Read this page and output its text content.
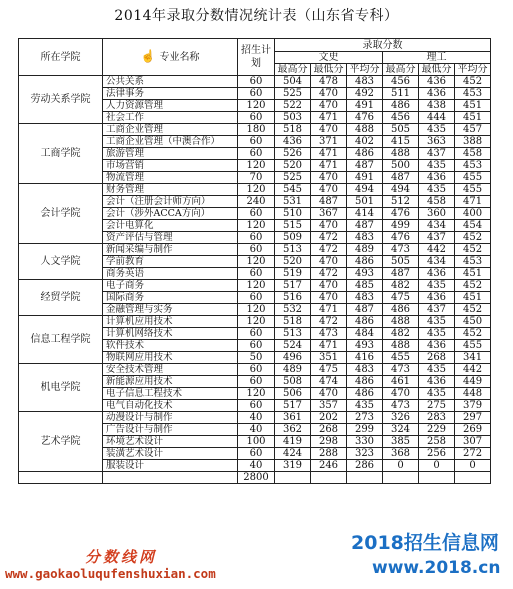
2014年录取分数情况统计表（山东省专科）
所在学院	☝ 专业名称	招生计划	录取分数					
			文史			理工		
			最高分	最低分	平均分	最高分	最低分	平均分
劳动关系学院	公共关系	60	504	478	483	456	436	452
	法律事务	60	525	470	492	511	436	453
	人力资源管理	120	522	470	491	486	438	451
	社会工作	60	503	471	476	456	444	451
工商学院	工商企业管理	180	518	470	488	505	435	457
	工商企业管理（中澳合作）	60	436	371	402	415	363	388
	旅游管理	60	526	471	486	488	437	458
	市场营销	120	520	471	487	500	435	453
	物流管理	70	525	470	491	487	436	455
会计学院	财务管理	120	545	470	494	494	435	455
	会计（注册会计师方向）	240	531	487	501	512	458	471
	会计（涉外ACCA方向）	60	510	367	414	476	360	400
	会计电算化	120	515	470	487	499	434	454
	资产评估与管理	60	509	472	483	476	437	452
人文学院	新闻采编与制作	60	513	472	489	473	442	452
	学前教育	120	520	470	486	505	434	453
	商务英语	60	519	472	493	487	436	451
经贸学院	电子商务	120	517	470	485	482	435	452
	国际商务	60	516	470	483	475	436	451
	金融管理与实务	120	532	471	487	486	437	452
信息工程学院	计算机应用技术	120	518	472	486	488	435	450
	计算机网络技术	60	513	473	484	482	435	452
	软件技术	60	524	471	493	488	436	455
	物联网应用技术	50	496	351	416	455	268	341
机电学院	安全技术管理	60	489	475	483	473	435	442
	新能源应用技术	60	508	474	486	461	436	449
	电子信息工程技术	120	506	470	486	470	435	448
	电气自动化技术	60	517	357	435	473	275	379
艺术学院	动漫设计与制作	40	361	202	273	326	283	297
	广告设计与制作	40	362	268	299	324	229	269
	环境艺术设计	100	419	298	330	385	258	307
	装潢艺术设计	60	424	288	323	368	256	272
	服装设计	40	319	246	286	0	0	0
		2800						
分数线网
www.gaokaoluqufenshuxian.com
2018招生信息网
www.2018.cn
